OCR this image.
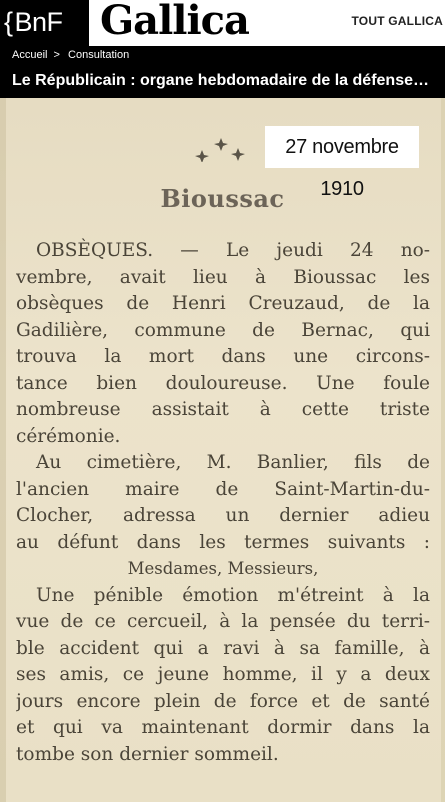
{BnF Gallica	TOUT GALLICA
Accueil > Consultation
Le Républicain : organe hebdomadaire de la défense…
27 novembre 1910
Bioussac
OBSÈQUES. — Le jeudi 24 no-
vembre, avait lieu à Bioussac les
obsèques de Henri Creuzaud, de la
Gadilière, commune de Bernac, qui
trouva la mort dans une circons-
tance bien douloureuse. Une foule
nombreuse assistait à cette triste
cérémonie.
Au cimetière, M. Banlier, fils de
l'ancien maire de Saint-Martin-du-
Clocher, adressa un dernier adieu
au défunt dans les termes suivants :
Mesdames, Messieurs,
Une pénible émotion m'étreint à la
vue de ce cercueil, à la pensée du terri-
ble accident qui a ravi à sa famille, à
ses amis, ce jeune homme, il y a deux
jours encore plein de force et de santé
et qui va maintenant dormir dans la
tombe son dernier sommeil.
